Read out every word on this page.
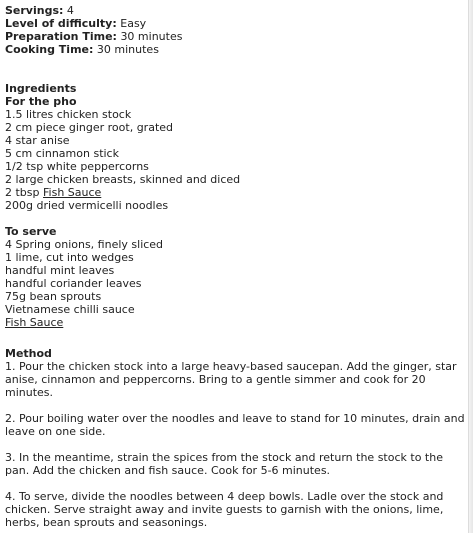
Servings: 4
Level of difficulty: Easy
Preparation Time: 30 minutes
Cooking Time: 30 minutes
Ingredients
For the pho
1.5 litres chicken stock
2 cm piece ginger root, grated
4 star anise
5 cm cinnamon stick
1/2 tsp white peppercorns
2 large chicken breasts, skinned and diced
2 tbsp Fish Sauce
200g dried vermicelli noodles
To serve
4 Spring onions, finely sliced
1 lime, cut into wedges
handful mint leaves
handful coriander leaves
75g bean sprouts
Vietnamese chilli sauce
Fish Sauce
Method

1. Pour the chicken stock into a large heavy-based saucepan. Add the ginger, star anise, cinnamon and peppercorns. Bring to a gentle simmer and cook for 20 minutes.

2. Pour boiling water over the noodles and leave to stand for 10 minutes, drain and leave on one side.

3. In the meantime, strain the spices from the stock and return the stock to the pan. Add the chicken and fish sauce. Cook for 5-6 minutes.

4. To serve, divide the noodles between 4 deep bowls. Ladle over the stock and chicken. Serve straight away and invite guests to garnish with the onions, lime, herbs, bean sprouts and seasonings.
